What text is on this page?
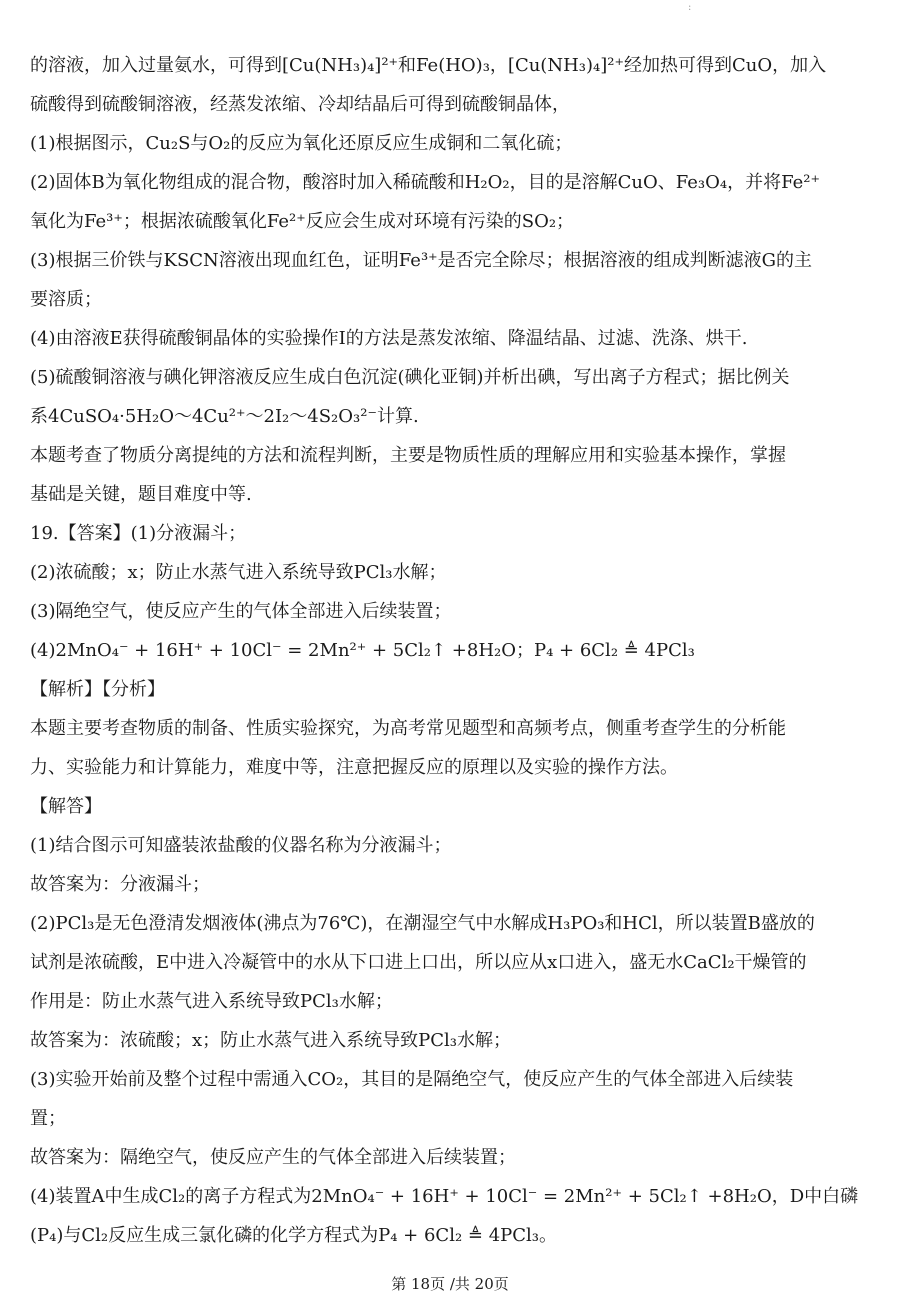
:
的溶液，加入过量氨水，可得到[Cu(NH₃)₄]²⁺和Fe(HO)₃，[Cu(NH₃)₄]²⁺经加热可得到CuO，加入
硫酸得到硫酸铜溶液，经蒸发浓缩、冷却结晶后可得到硫酸铜晶体，
(1)根据图示，Cu₂S与O₂的反应为氧化还原反应生成铜和二氧化硫；
(2)固体B为氧化物组成的混合物，酸溶时加入稀硫酸和H₂O₂，目的是溶解CuO、Fe₃O₄，并将Fe²⁺
氧化为Fe³⁺；根据浓硫酸氧化Fe²⁺反应会生成对环境有污染的SO₂；
(3)根据三价铁与KSCN溶液出现血红色，证明Fe³⁺是否完全除尽；根据溶液的组成判断滤液G的主
要溶质；
(4)由溶液E获得硫酸铜晶体的实验操作I的方法是蒸发浓缩、降温结晶、过滤、洗涤、烘干.
(5)硫酸铜溶液与碘化钾溶液反应生成白色沉淀(碘化亚铜)并析出碘，写出离子方程式；据比例关
系4CuSO₄·5H₂O～4Cu²⁺～2I₂～4S₂O₃²⁻计算.
本题考查了物质分离提纯的方法和流程判断，主要是物质性质的理解应用和实验基本操作，掌握
基础是关键，题目难度中等.
19.【答案】(1)分液漏斗；
(2)浓硫酸；x；防止水蒸气进入系统导致PCl₃水解；
(3)隔绝空气，使反应产生的气体全部进入后续装置；
(4)2MnO₄⁻ + 16H⁺ + 10Cl⁻ = 2Mn²⁺ + 5Cl₂↑ +8H₂O；P₄ + 6Cl₂ ≜ 4PCl₃
【解析】【分析】
本题主要考查物质的制备、性质实验探究，为高考常见题型和高频考点，侧重考查学生的分析能
力、实验能力和计算能力，难度中等，注意把握反应的原理以及实验的操作方法。
【解答】
(1)结合图示可知盛装浓盐酸的仪器名称为分液漏斗；
故答案为：分液漏斗；
(2)PCl₃是无色澄清发烟液体(沸点为76℃)，在潮湿空气中水解成H₃PO₃和HCl，所以装置B盛放的
试剂是浓硫酸，E中进入冷凝管中的水从下口进上口出，所以应从x口进入，盛无水CaCl₂干燥管的
作用是：防止水蒸气进入系统导致PCl₃水解；
故答案为：浓硫酸；x；防止水蒸气进入系统导致PCl₃水解；
(3)实验开始前及整个过程中需通入CO₂，其目的是隔绝空气，使反应产生的气体全部进入后续装
置；
故答案为：隔绝空气，使反应产生的气体全部进入后续装置；
(4)装置A中生成Cl₂的离子方程式为2MnO₄⁻ + 16H⁺ + 10Cl⁻ = 2Mn²⁺ + 5Cl₂↑ +8H₂O，D中白磷
(P₄)与Cl₂反应生成三氯化磷的化学方程式为P₄ + 6Cl₂ ≜ 4PCl₃。
第 18页 /共 20页
